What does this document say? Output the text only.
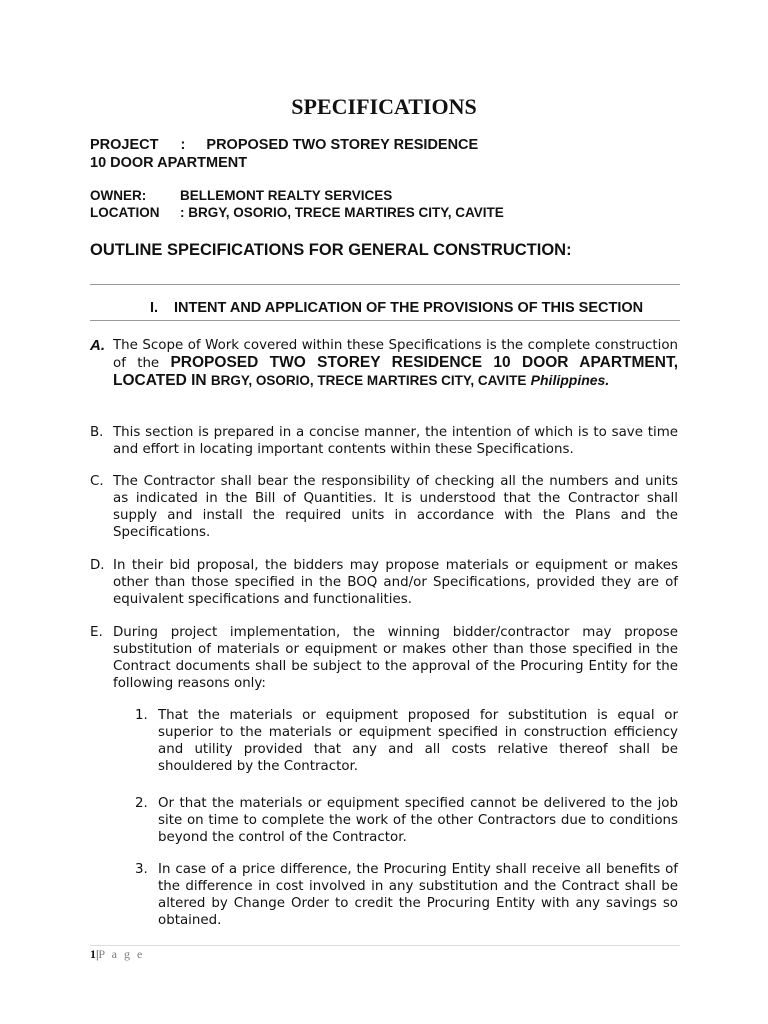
SPECIFICATIONS
PROJECT : PROPOSED TWO STOREY RESIDENCE
10 DOOR APARTMENT
OWNER:	BELLEMONT REALTY SERVICES
LOCATION : BRGY, OSORIO, TRECE MARTIRES CITY, CAVITE
OUTLINE SPECIFICATIONS FOR GENERAL CONSTRUCTION:
I. INTENT AND APPLICATION OF THE PROVISIONS OF THIS SECTION
A. The Scope of Work covered within these Specifications is the complete construction of the PROPOSED TWO STOREY RESIDENCE 10 DOOR APARTMENT, LOCATED IN BRGY, OSORIO, TRECE MARTIRES CITY, CAVITE Philippines.
B. This section is prepared in a concise manner, the intention of which is to save time and effort in locating important contents within these Specifications.
C. The Contractor shall bear the responsibility of checking all the numbers and units as indicated in the Bill of Quantities. It is understood that the Contractor shall supply and install the required units in accordance with the Plans and the Specifications.
D. In their bid proposal, the bidders may propose materials or equipment or makes other than those specified in the BOQ and/or Specifications, provided they are of equivalent specifications and functionalities.
E. During project implementation, the winning bidder/contractor may propose substitution of materials or equipment or makes other than those specified in the Contract documents shall be subject to the approval of the Procuring Entity for the following reasons only:
1. That the materials or equipment proposed for substitution is equal or superior to the materials or equipment specified in construction efficiency and utility provided that any and all costs relative thereof shall be shouldered by the Contractor.
2. Or that the materials or equipment specified cannot be delivered to the job site on time to complete the work of the other Contractors due to conditions beyond the control of the Contractor.
3. In case of a price difference, the Procuring Entity shall receive all benefits of the difference in cost involved in any substitution and the Contract shall be altered by Change Order to credit the Procuring Entity with any savings so obtained.
1|P a g e
